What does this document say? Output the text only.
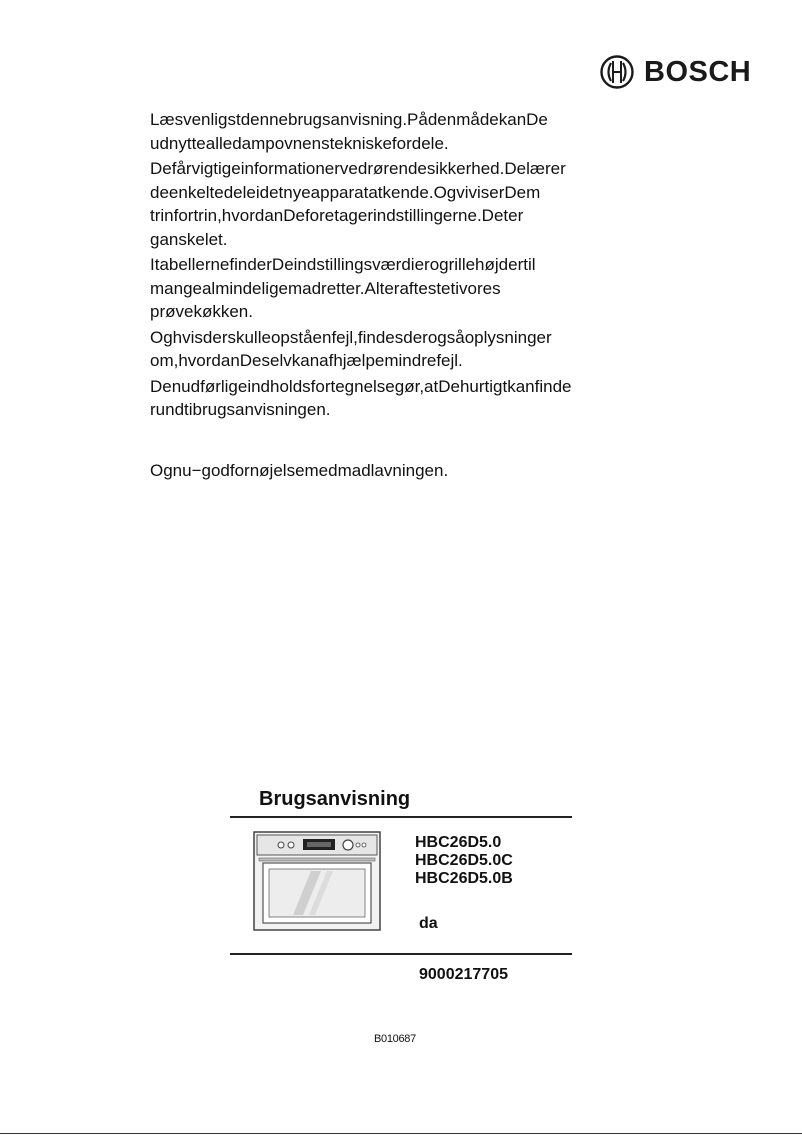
BOSCH

Læsvenligstdennebrugsanvisning.PådenmådekanDe
udnyttealledampovnenstekniskefordele.

Defårvigtigeinformationervedrørendesikkerhed.Delærer
deenkeltedeleidetnyeapparatatkende.OgviviserDem
trinfortrin,hvordanDeforetagerindstillingerne.Deter
ganskelet.

ItabellernefinderDeindstillingsværdierogrillehøjdertil
mangealmindeligemadretter.Alteraftestetivores
prøvekøkken.

Oghvisderskulleopståenfejl,findesderogsåoplysninger
om,hvordanDeselvkanafhjælpemindrefejl.

Denudførligeindholdsfortegnelsegør,atDehurtigtkanfinde
rundtibrugsanvisningen.

Ognu−godfornøjelsemedmadlavningen.

Brugsanvisning
HBC26D5.0
HBC26D5.0C
HBC26D5.0B
da
9000217705
B010687
